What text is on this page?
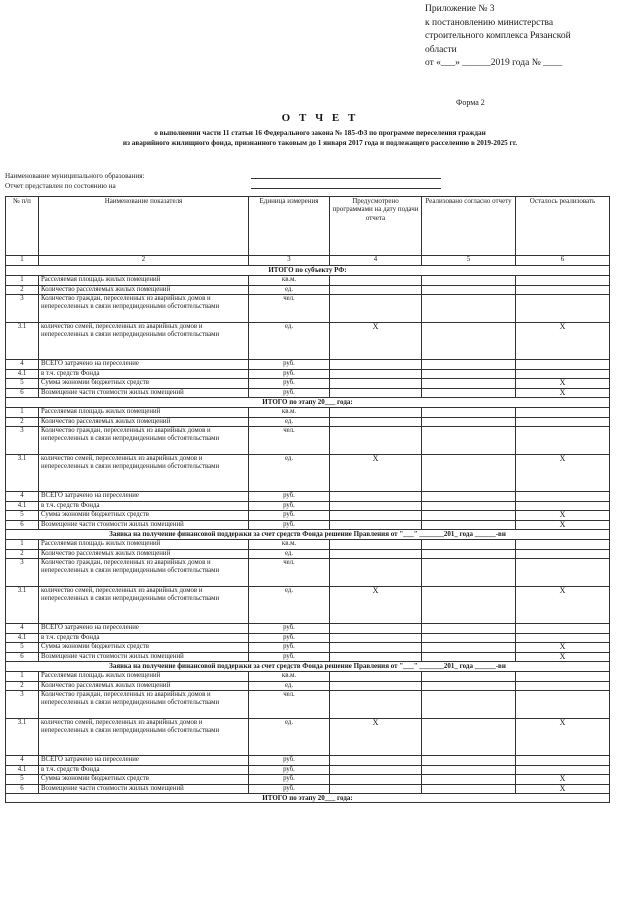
Приложение № 3
к постановлению министерства
строительного комплекса Рязанской
области
от «___» ______2019 года № ____
Форма 2
О Т Ч Е Т
о выполнении части 11 статьи 16 Федерального закона № 185-ФЗ по программе переселения граждан
из аварийного жилищного фонда, признанного таковым до 1 января 2017 года и подлежащего расселению в 2019-2025 гг.
Наименование муниципального образования:
Отчет представлен по состоянию на
№ п/п	Наименование показателя	Единица измерения	Предусмотрено программами на дату подачи отчета	Реализовано согласно отчету	Осталось реализовать
1	2	3	4	5	6
ИТОГО по субъекту РФ:					
1	Расселяемая площадь жилых помещений	кв.м.			
2	Количество расселяемых жилых помещений	ед.			
3	Количество граждан, переселенных из аварийных домов и непереселенных в связи непредвиденными обстоятельствами	чел.			
3.1	количество семей, переселенных из аварийных домов и непереселенных в связи непредвиденными обстоятельствами	ед.	X		X
4	ВСЕГО затрачено на переселение	руб.			
4.1	в т.ч. средств Фонда	руб.			
5	Сумма экономии бюджетных средств	руб.			X
6	Возмещение части стоимости жилых помещений	руб.			X
ИТОГО по этапу 20___ года:					
1	Расселяемая площадь жилых помещений	кв.м.			
2	Количество расселяемых жилых помещений	ед.			
3	Количество граждан, переселенных из аварийных домов и непереселенных в связи непредвиденными обстоятельствами	чел.			
3.1	количество семей, переселенных из аварийных домов и непереселенных в связи непредвиденными обстоятельствами	ед.	X		X
4	ВСЕГО затрачено на переселение	руб.			
4.1	в т.ч. средств Фонда	руб.			
5	Сумма экономии бюджетных средств	руб.			X
6	Возмещение части стоимости жилых помещений	руб.			X
Заявка на получение финансовой поддержки за счет средств Фонда решение Правления от "___" _______201_ года ______-вн					
1	Расселяемая площадь жилых помещений	кв.м.			
2	Количество расселяемых жилых помещений	ед.			
3	Количество граждан, переселенных из аварийных домов и непереселенных в связи непредвиденными обстоятельствами	чел.			
3.1	количество семей, переселенных из аварийных домов и непереселенных в связи непредвиденными обстоятельствами	ед.	X		X
4	ВСЕГО затрачено на переселение	руб.			
4.1	в т.ч. средств Фонда	руб.			
5	Сумма экономии бюджетных средств	руб.			X
6	Возмещение части стоимости жилых помещений	руб.			X
Заявка на получение финансовой поддержки за счет средств Фонда решение Правления от "___" _______201_ года ______-вн					
1	Расселяемая площадь жилых помещений	кв.м.			
2	Количество расселяемых жилых помещений	ед.			
3	Количество граждан, переселенных из аварийных домов и непереселенных в связи непредвиденными обстоятельствами	чел.			
3.1	количество семей, переселенных из аварийных домов и непереселенных в связи непредвиденными обстоятельствами	ед.	X		X
4	ВСЕГО затрачено на переселение	руб.			
4.1	в т.ч. средств Фонда	руб.			
5	Сумма экономии бюджетных средств	руб.			X
6	Возмещение части стоимости жилых помещений	руб.			X
ИТОГО по этапу 20___ года:					
